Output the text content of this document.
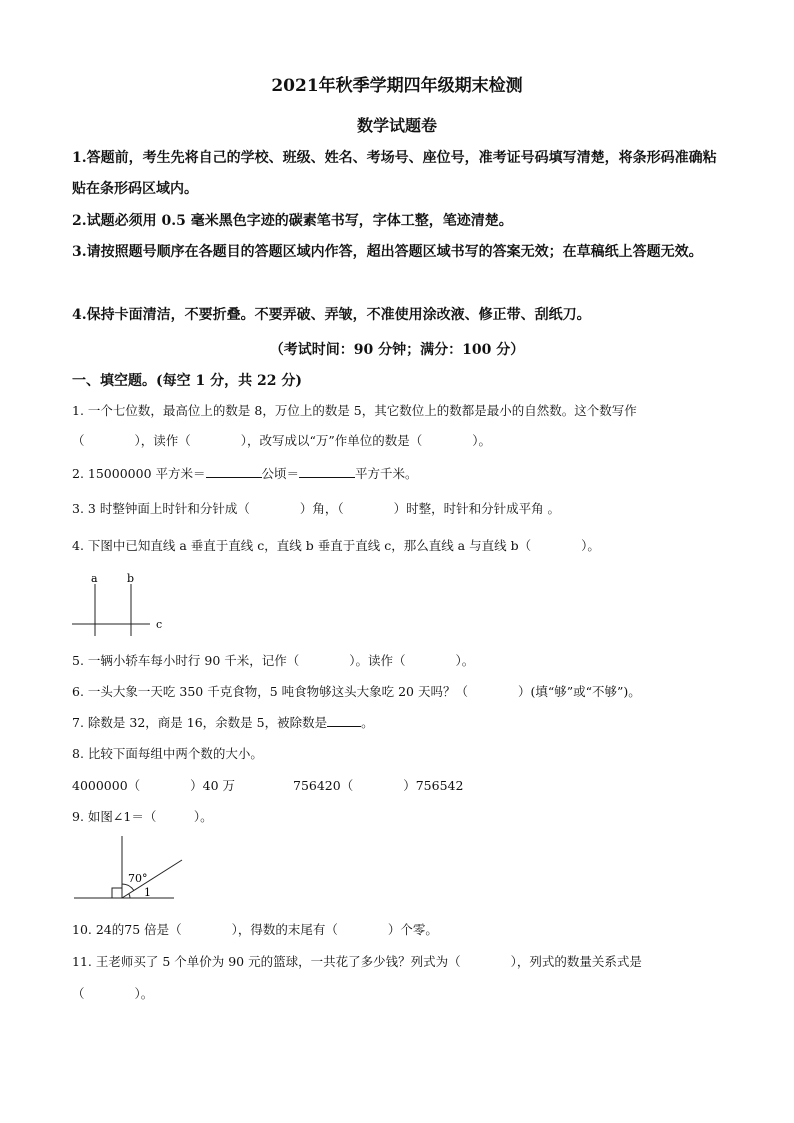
2021年秋季学期四年级期末检测
数学试题卷
1.答题前，考生先将自己的学校、班级、姓名、考场号、座位号，准考证号码填写清楚，将条形码准确粘贴在条形码区域内。
2.试题必须用 0.5 毫米黑色字迹的碳素笔书写，字体工整，笔迹清楚。
3.请按照题号顺序在各题目的答题区域内作答，超出答题区域书写的答案无效；在草稿纸上答题无效。
4.保持卡面清洁，不要折叠。不要弄破、弄皱，不准使用涂改液、修正带、刮纸刀。
（考试时间：90 分钟；满分：100 分）
一、填空题。(每空 1 分，共 22 分)
1. 一个七位数，最高位上的数是 8，万位上的数是 5，其它数位上的数都是最小的自然数。这个数写作
（　　　　），读作（　　　　），改写成以“万”作单位的数是（　　　　）。
2. 15000000 平方米＝	公顷＝	平方千米。
3. 3 时整钟面上时针和分针成（　　　　）角，（　　　　）时整，时针和分针成平角 。
4. 下图中已知直线 a 垂直于直线 c，直线 b 垂直于直线 c，那么直线 a 与直线 b（　　　　）。
a	b
c
5. 一辆小轿车每小时行 90 千米，记作（　　　　）。读作（　　　　）。
6. 一头大象一天吃 350 千克食物，5 吨食物够这头大象吃 20 天吗？（　　　　）(填“够”或“不够”)。
7. 除数是 32，商是 16，余数是 5，被除数是	。
8. 比较下面每组中两个数的大小。
4000000（　　　　）40 万	756420（　　　　）756542
9. 如图∠1＝（　　　）。
70°
1
10. 24的75 倍是（　　　　），得数的末尾有（　　　　）个零。
11. 王老师买了 5 个单价为 90 元的篮球，一共花了多少钱？列式为（　　　　），列式的数量关系式是
（　　　　）。
